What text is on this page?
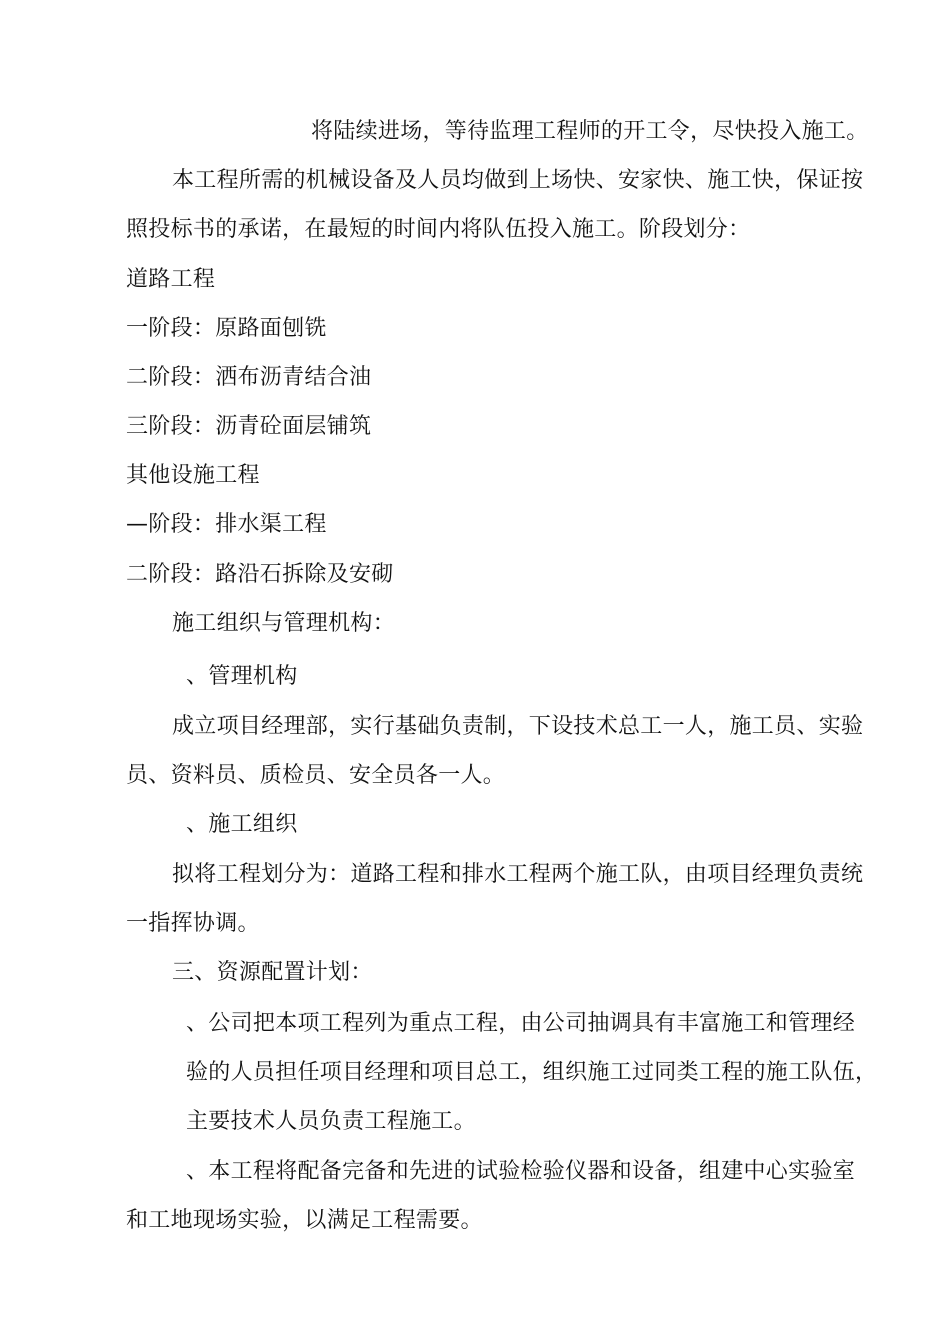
将陆续进场，等待监理工程师的开工令，尽快投入施工。
本工程所需的机械设备及人员均做到上场快、安家快、施工快，保证按
照投标书的承诺，在最短的时间内将队伍投入施工。阶段划分：
道路工程
一阶段：原路面刨铣
二阶段：洒布沥青结合油
三阶段：沥青砼面层铺筑
其他设施工程
—阶段：排水渠工程
二阶段：路沿石拆除及安砌
施工组织与管理机构：
、管理机构
成立项目经理部，实行基础负责制，下设技术总工一人，施工员、实验
员、资料员、质检员、安全员各一人。
、施工组织
拟将工程划分为：道路工程和排水工程两个施工队，由项目经理负责统
一指挥协调。
三、资源配置计划：
、公司把本项工程列为重点工程，由公司抽调具有丰富施工和管理经
验的人员担任项目经理和项目总工，组织施工过同类工程的施工队伍，
主要技术人员负责工程施工。
、本工程将配备完备和先进的试验检验仪器和设备，组建中心实验室
和工地现场实验，以满足工程需要。
